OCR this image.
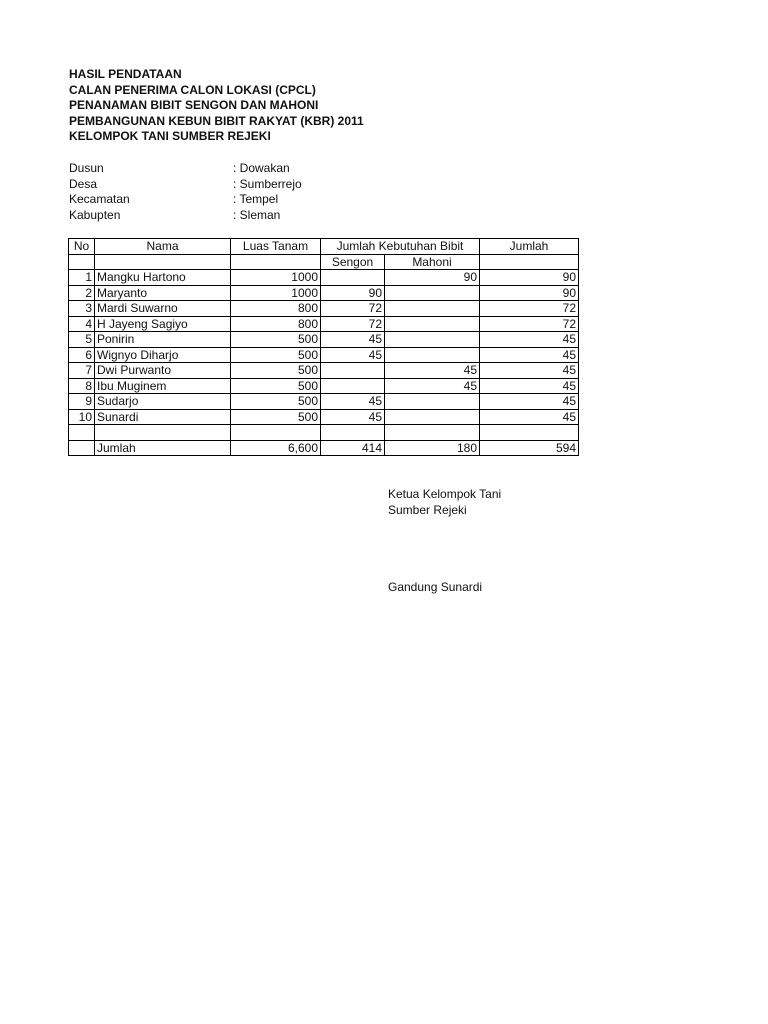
HASIL PENDATAAN
CALAN PENERIMA CALON LOKASI (CPCL)
PENANAMAN BIBIT SENGON DAN MAHONI
PEMBANGUNAN KEBUN BIBIT RAKYAT (KBR) 2011
KELOMPOK TANI SUMBER REJEKI
Dusun	: Dowakan
Desa	: Sumberrejo
Kecamatan	: Tempel
Kabupten	: Sleman
No	Nama	Luas Tanam	Jumlah Kebutuhan Bibit		Jumlah
			Sengon	Mahoni	
1	Mangku Hartono	1000		90	90
2	Maryanto	1000	90		90
3	Mardi Suwarno	800	72		72
4	H Jayeng Sagiyo	800	72		72
5	Ponirin	500	45		45
6	Wignyo Diharjo	500	45		45
7	Dwi Purwanto	500		45	45
8	Ibu Muginem	500		45	45
9	Sudarjo	500	45		45
10	Sunardi	500	45		45

	Jumlah	6,600	414	180	594
Ketua Kelompok Tani
Sumber Rejeki
Gandung Sunardi
